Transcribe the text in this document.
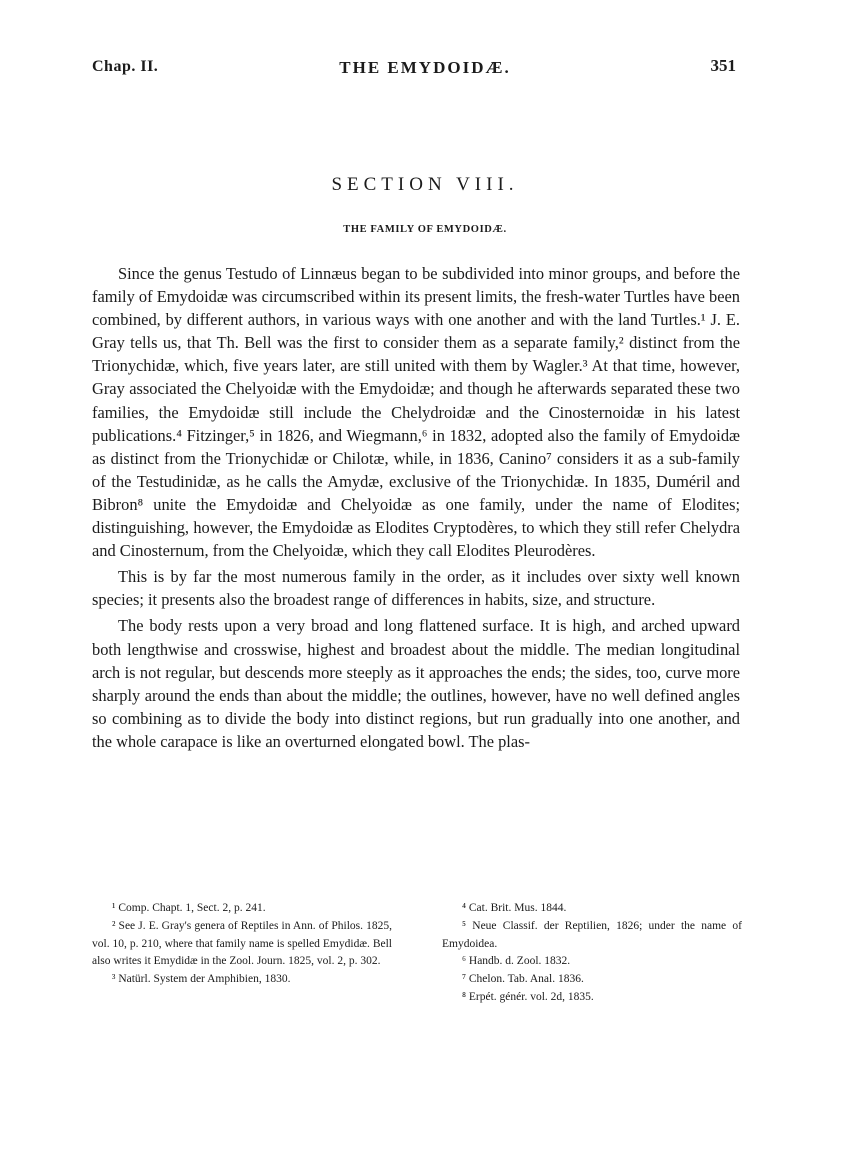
THE EMYDOIDÆ.
Chap. II.	351
SECTION VIII.
THE FAMILY OF EMYDOIDÆ.

Since the genus Testudo of Linnæus began to be subdivided into minor groups, and before the family of Emydoidæ was circumscribed within its present limits, the fresh-water Turtles have been combined, by different authors, in various ways with one another and with the land Turtles.¹ J. E. Gray tells us, that Th. Bell was the first to consider them as a separate family,² distinct from the Trionychidæ, which, five years later, are still united with them by Wagler.³ At that time, however, Gray associated the Chelyoidæ with the Emydoidæ; and though he afterwards separated these two families, the Emydoidæ still include the Chelydroidæ and the Cinosternoidæ in his latest publications.⁴ Fitzinger,⁵ in 1826, and Wiegmann,⁶ in 1832, adopted also the family of Emydoidæ as distinct from the Trionychidæ or Chilotæ, while, in 1836, Canino⁷ considers it as a sub-family of the Testudinidæ, as he calls the Amydæ, exclusive of the Trionychidæ. In 1835, Duméril and Bibron⁸ unite the Emydoidæ and Chelyoidæ as one family, under the name of Elodites; distinguishing, however, the Emydoidæ as Elodites Cryptodères, to which they still refer Chelydra and Cinosternum, from the Chelyoidæ, which they call Elodites Pleurodères.

This is by far the most numerous family in the order, as it includes over sixty well known species; it presents also the broadest range of differences in habits, size, and structure.

The body rests upon a very broad and long flattened surface. It is high, and arched upward both lengthwise and crosswise, highest and broadest about the middle. The median longitudinal arch is not regular, but descends more steeply as it approaches the ends; the sides, too, curve more sharply around the ends than about the middle; the outlines, however, have no well defined angles so combining as to divide the body into distinct regions, but run gradually into one another, and the whole carapace is like an overturned elongated bowl. The plas-

¹ Comp. Chapt. 1, Sect. 2, p. 241.

² See J. E. Gray's genera of Reptiles in Ann. of Philos. 1825, vol. 10, p. 210, where that family name is spelled Emydidæ. Bell also writes it Emydidæ in the Zool. Journ. 1825, vol. 2, p. 302.

³ Natürl. System der Amphibien, 1830.

⁴ Cat. Brit. Mus. 1844.

⁵ Neue Classif. der Reptilien, 1826; under the name of Emydoidea.

⁶ Handb. d. Zool. 1832.

⁷ Chelon. Tab. Anal. 1836.

⁸ Erpét. génér. vol. 2d, 1835.
